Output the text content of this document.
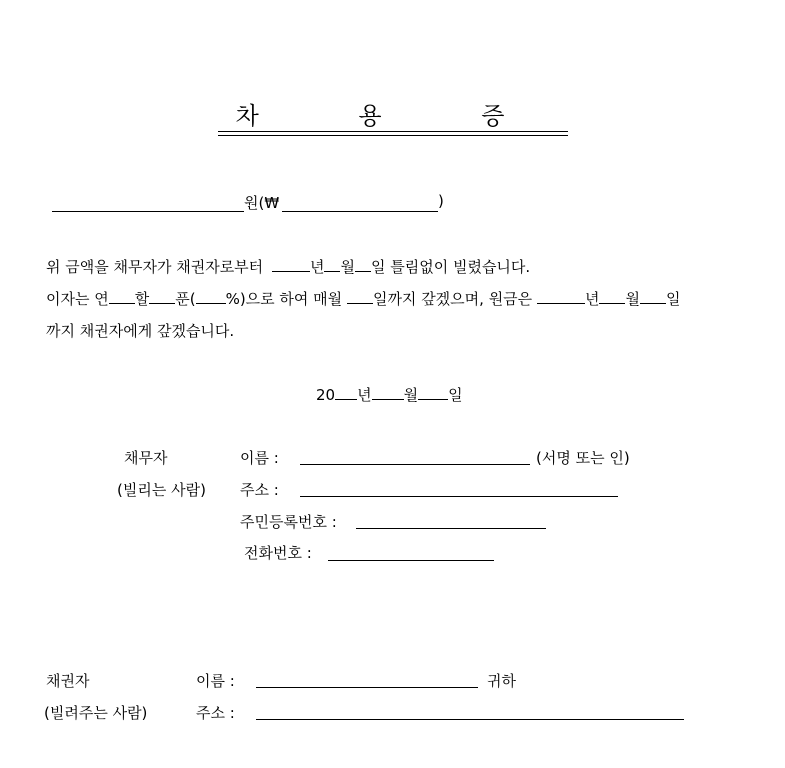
차 용 증
원(₩	)
위 금액을 채무자가 채권자로부터	년 월 일 틀림없이 빌렸습니다.
이자는 연 할 푼( %)으로 하여 매월 일까지 갚겠으며, 원금은	년 월 일
까지 채권자에게 갚겠습니다.
20 년 월 일
채무자
(빌리는 사람)
이름 :	(서명 또는 인)
주소 :
주민등록번호 :
전화번호 :
채권자
(빌려주는 사람)
이름 :	귀하
주소 :
